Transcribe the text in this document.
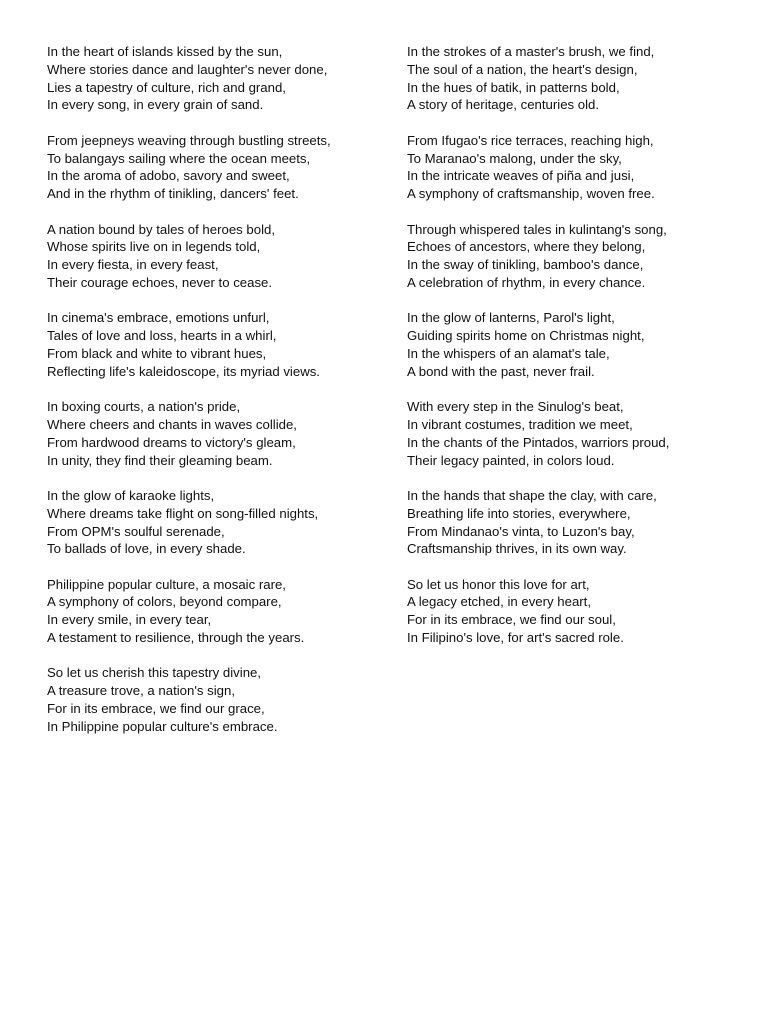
In the heart of islands kissed by the sun,
Where stories dance and laughter's never done,
Lies a tapestry of culture, rich and grand,
In every song, in every grain of sand.
From jeepneys weaving through bustling streets,
To balangays sailing where the ocean meets,
In the aroma of adobo, savory and sweet,
And in the rhythm of tinikling, dancers' feet.
A nation bound by tales of heroes bold,
Whose spirits live on in legends told,
In every fiesta, in every feast,
Their courage echoes, never to cease.
In cinema's embrace, emotions unfurl,
Tales of love and loss, hearts in a whirl,
From black and white to vibrant hues,
Reflecting life's kaleidoscope, its myriad views.
In boxing courts, a nation's pride,
Where cheers and chants in waves collide,
From hardwood dreams to victory's gleam,
In unity, they find their gleaming beam.
In the glow of karaoke lights,
Where dreams take flight on song-filled nights,
From OPM's soulful serenade,
To ballads of love, in every shade.
Philippine popular culture, a mosaic rare,
A symphony of colors, beyond compare,
In every smile, in every tear,
A testament to resilience, through the years.
So let us cherish this tapestry divine,
A treasure trove, a nation's sign,
For in its embrace, we find our grace,
In Philippine popular culture's embrace.
In the strokes of a master's brush, we find,
The soul of a nation, the heart's design,
In the hues of batik, in patterns bold,
A story of heritage, centuries old.
From Ifugao's rice terraces, reaching high,
To Maranao's malong, under the sky,
In the intricate weaves of piña and jusi,
A symphony of craftsmanship, woven free.
Through whispered tales in kulintang's song,
Echoes of ancestors, where they belong,
In the sway of tinikling, bamboo's dance,
A celebration of rhythm, in every chance.
In the glow of lanterns, Parol's light,
Guiding spirits home on Christmas night,
In the whispers of an alamat's tale,
A bond with the past, never frail.
With every step in the Sinulog's beat,
In vibrant costumes, tradition we meet,
In the chants of the Pintados, warriors proud,
Their legacy painted, in colors loud.
In the hands that shape the clay, with care,
Breathing life into stories, everywhere,
From Mindanao's vinta, to Luzon's bay,
Craftsmanship thrives, in its own way.
So let us honor this love for art,
A legacy etched, in every heart,
For in its embrace, we find our soul,
In Filipino's love, for art's sacred role.
